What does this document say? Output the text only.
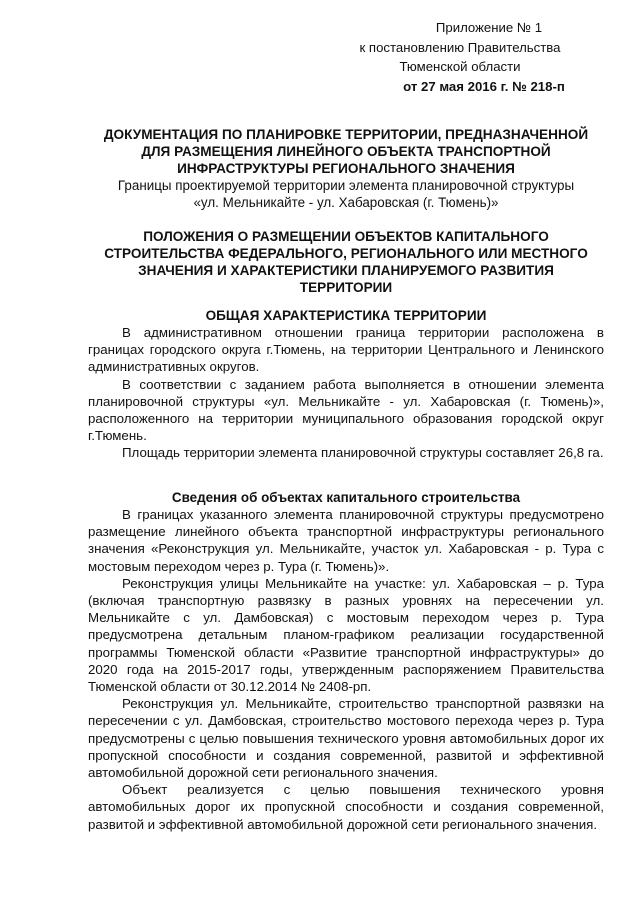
Приложение № 1
к постановлению Правительства
Тюменской области
от 27 мая 2016 г. № 218-п

ДОКУМЕНТАЦИЯ ПО ПЛАНИРОВКЕ ТЕРРИТОРИИ, ПРЕДНАЗНАЧЕННОЙ

ДЛЯ РАЗМЕЩЕНИЯ ЛИНЕЙНОГО ОБЪЕКТА ТРАНСПОРТНОЙ

ИНФРАСТРУКТУРЫ РЕГИОНАЛЬНОГО ЗНАЧЕНИЯ

Границы проектируемой территории элемента планировочной структуры

«ул. Мельникайте - ул. Хабаровская (г. Тюмень)»

ПОЛОЖЕНИЯ О РАЗМЕЩЕНИИ ОБЪЕКТОВ КАПИТАЛЬНОГО

СТРОИТЕЛЬСТВА ФЕДЕРАЛЬНОГО, РЕГИОНАЛЬНОГО ИЛИ МЕСТНОГО

ЗНАЧЕНИЯ И ХАРАКТЕРИСТИКИ ПЛАНИРУЕМОГО РАЗВИТИЯ

ТЕРРИТОРИИ

ОБЩАЯ ХАРАКТЕРИСТИКА ТЕРРИТОРИИ

В административном отношении граница территории расположена в границах городского округа г.Тюмень, на территории Центрального и Ленинского административных округов.

В соответствии с заданием работа выполняется в отношении элемента планировочной структуры «ул. Мельникайте - ул. Хабаровская (г. Тюмень)», расположенного на территории муниципального образования городской округ г.Тюмень.

Площадь территории элемента планировочной структуры составляет 26,8 га.

Сведения об объектах капитального строительства

В границах указанного элемента планировочной структуры предусмотрено размещение линейного объекта транспортной инфраструктуры регионального значения «Реконструкция ул. Мельникайте, участок ул. Хабаровская - р. Тура с мостовым переходом через р. Тура (г. Тюмень)».

Реконструкция улицы Мельникайте на участке: ул. Хабаровская – р. Тура (включая транспортную развязку в разных уровнях на пересечении ул. Мельникайте с ул. Дамбовская) с мостовым переходом через р. Тура предусмотрена детальным планом-графиком реализации государственной программы Тюменской области «Развитие транспортной инфраструктуры» до 2020 года на 2015-2017 годы, утвержденным распоряжением Правительства Тюменской области от 30.12.2014 № 2408-рп.

Реконструкция ул. Мельникайте, строительство транспортной развязки на пересечении с ул. Дамбовская, строительство мостового перехода через р. Тура предусмотрены с целью повышения технического уровня автомобильных дорог их пропускной способности и создания современной, развитой и эффективной автомобильной дорожной сети регионального значения.

Объект реализуется с целью повышения технического уровня автомобильных дорог их пропускной способности и создания современной, развитой и эффективной автомобильной дорожной сети регионального значения.
